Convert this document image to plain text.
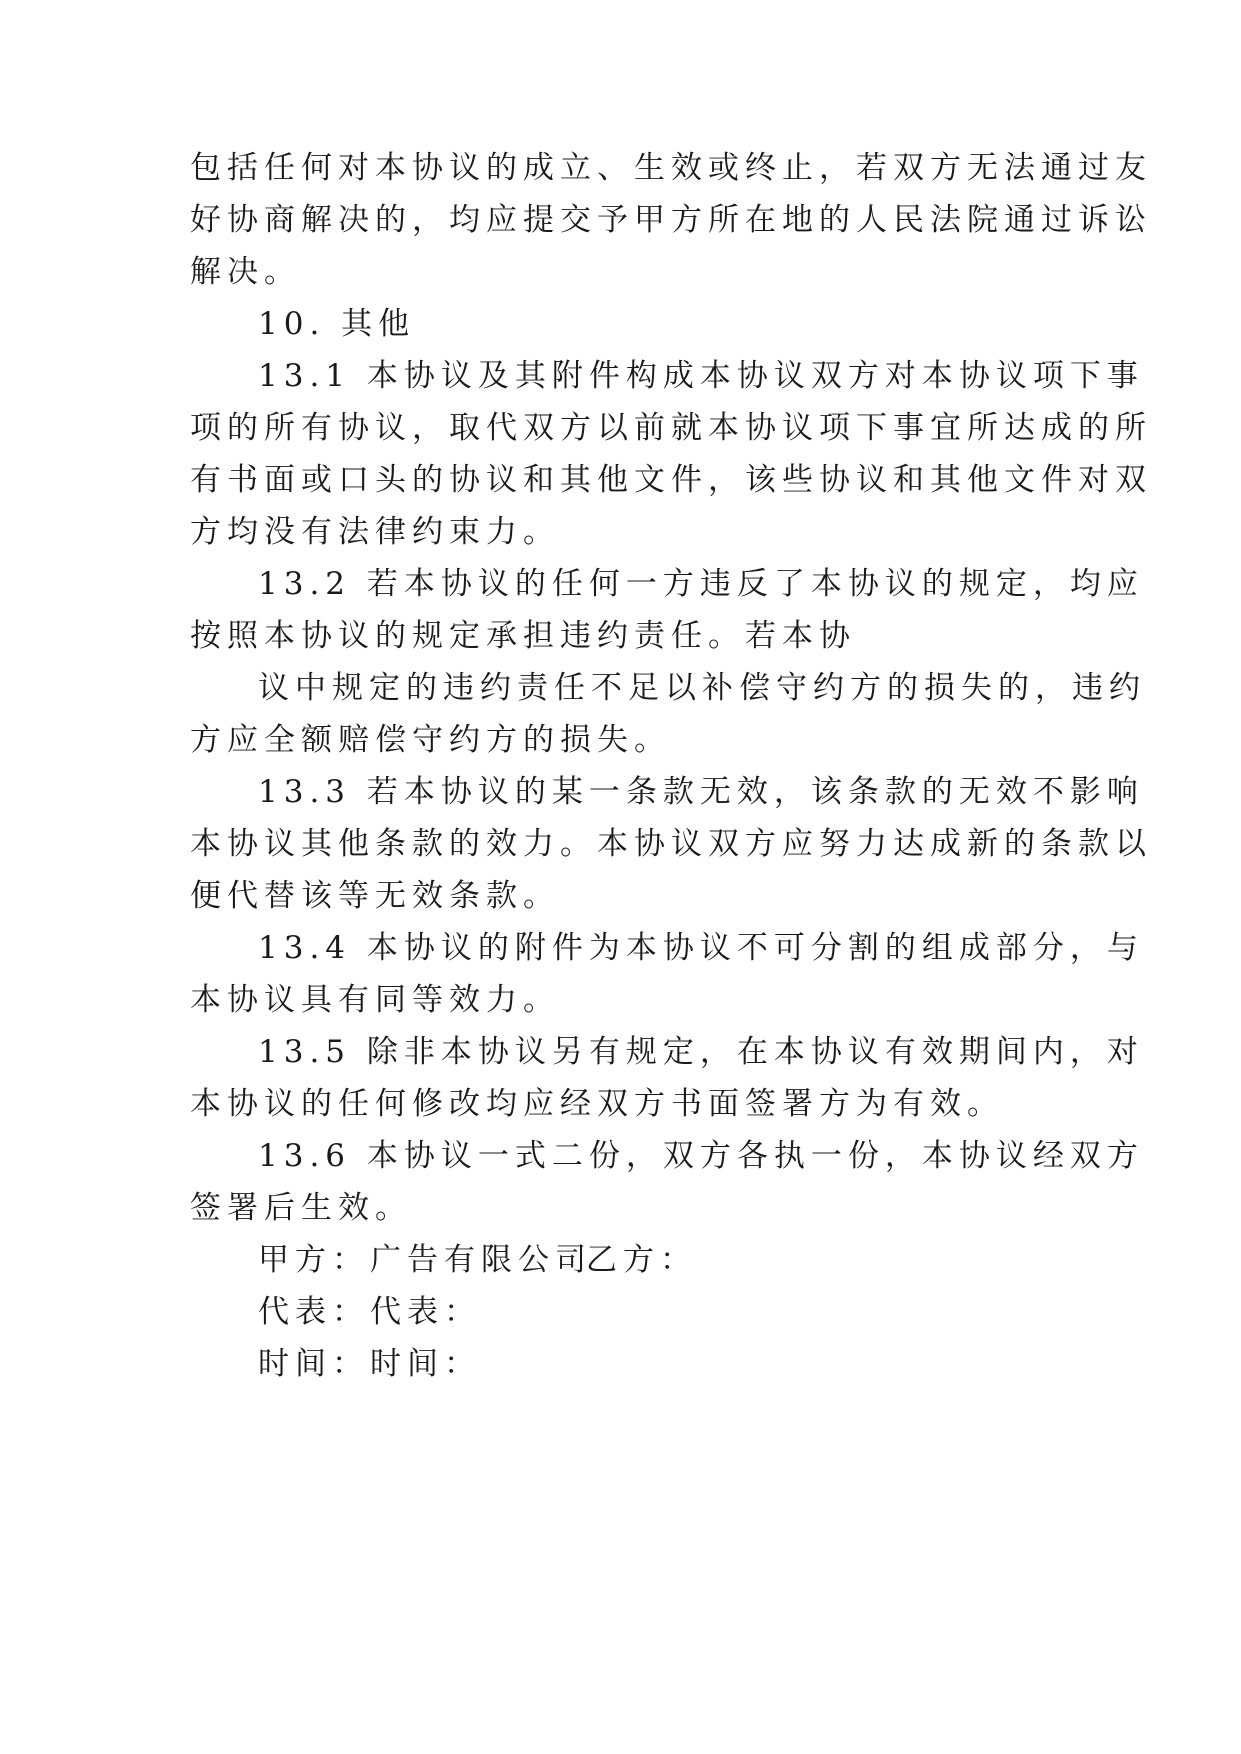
包括任何对本协议的成立、生效或终止，若双方无法通过友
好协商解决的，均应提交予甲方所在地的人民法院通过诉讼
解决。
10. 其他
13.1 本协议及其附件构成本协议双方对本协议项下事
项的所有协议，取代双方以前就本协议项下事宜所达成的所
有书面或口头的协议和其他文件，该些协议和其他文件对双
方均没有法律约束力。
13.2 若本协议的任何一方违反了本协议的规定，均应
按照本协议的规定承担违约责任。若本协
议中规定的违约责任不足以补偿守约方的损失的，违约
方应全额赔偿守约方的损失。
13.3 若本协议的某一条款无效，该条款的无效不影响
本协议其他条款的效力。本协议双方应努力达成新的条款以
便代替该等无效条款。
13.4 本协议的附件为本协议不可分割的组成部分，与
本协议具有同等效力。
13.5 除非本协议另有规定，在本协议有效期间内，对
本协议的任何修改均应经双方书面签署方为有效。
13.6 本协议一式二份，双方各执一份，本协议经双方
签署后生效。
甲方： 广告有限公司
乙方：
代表： 代表：
时间： 时间：
